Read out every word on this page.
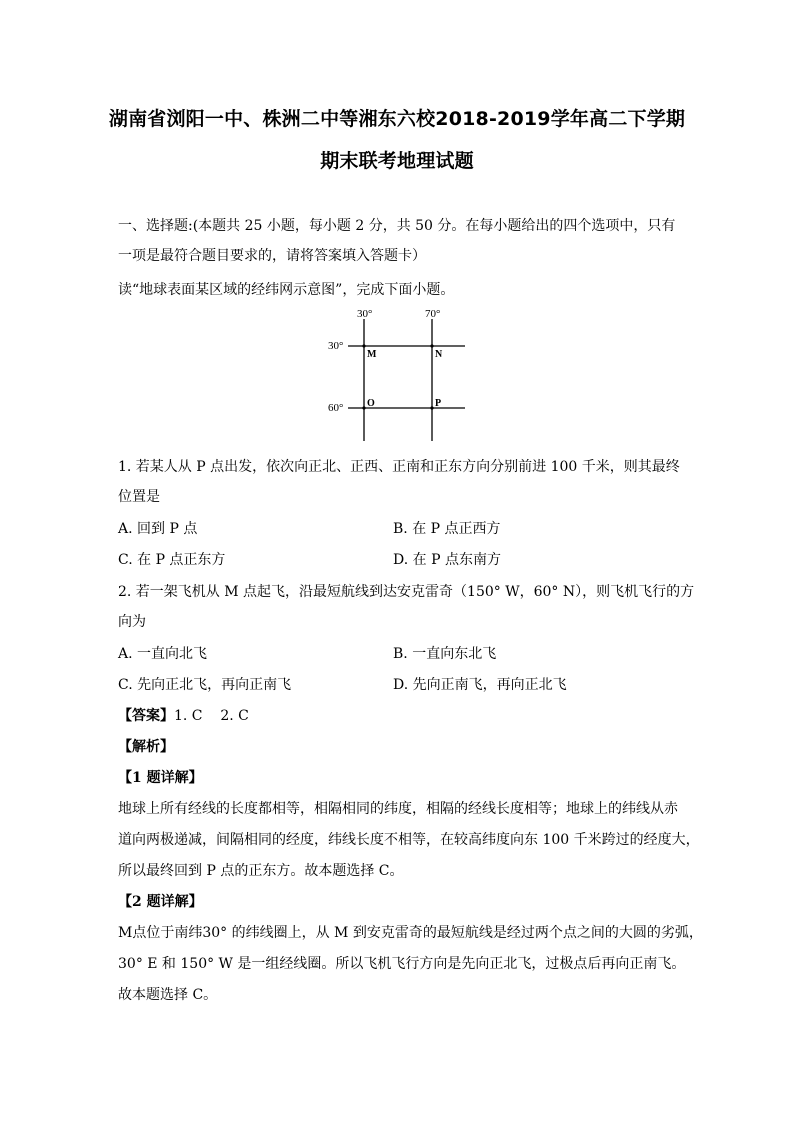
湖南省浏阳一中、株洲二中等湘东六校2018-2019学年高二下学期
期末联考地理试题
一、选择题:(本题共 25 小题，每小题 2 分，共 50 分。在每小题给出的四个选项中，只有
一项是最符合题目要求的，请将答案填入答题卡）
读“地球表面某区域的经纬网示意图”，完成下面小题。
30°	70°
30°
60°
M	N
O	P
1. 若某人从 P 点出发，依次向正北、正西、正南和正东方向分别前进 100 千米，则其最终
位置是
A. 回到 P 点	B. 在 P 点正西方
C. 在 P 点正东方	D. 在 P 点东南方
2. 若一架飞机从 M 点起飞，沿最短航线到达安克雷奇（150° W，60° N），则飞机飞行的方
向为
A. 一直向北飞	B. 一直向东北飞
C. 先向正北飞，再向正南飞	D. 先向正南飞，再向正北飞
【答案】1. C    2. C
【解析】
【1 题详解】
地球上所有经线的长度都相等，相隔相同的纬度，相隔的经线长度相等；地球上的纬线从赤
道向两极递减，间隔相同的经度，纬线长度不相等，在较高纬度向东 100 千米跨过的经度大，
所以最终回到 P 点的正东方。故本题选择 C。
【2 题详解】
M点位于南纬30° 的纬线圈上，从 M 到安克雷奇的最短航线是经过两个点之间的大圆的劣弧，
30° E 和 150° W 是一组经线圈。所以飞机飞行方向是先向正北飞，过极点后再向正南飞。
故本题选择 C。
